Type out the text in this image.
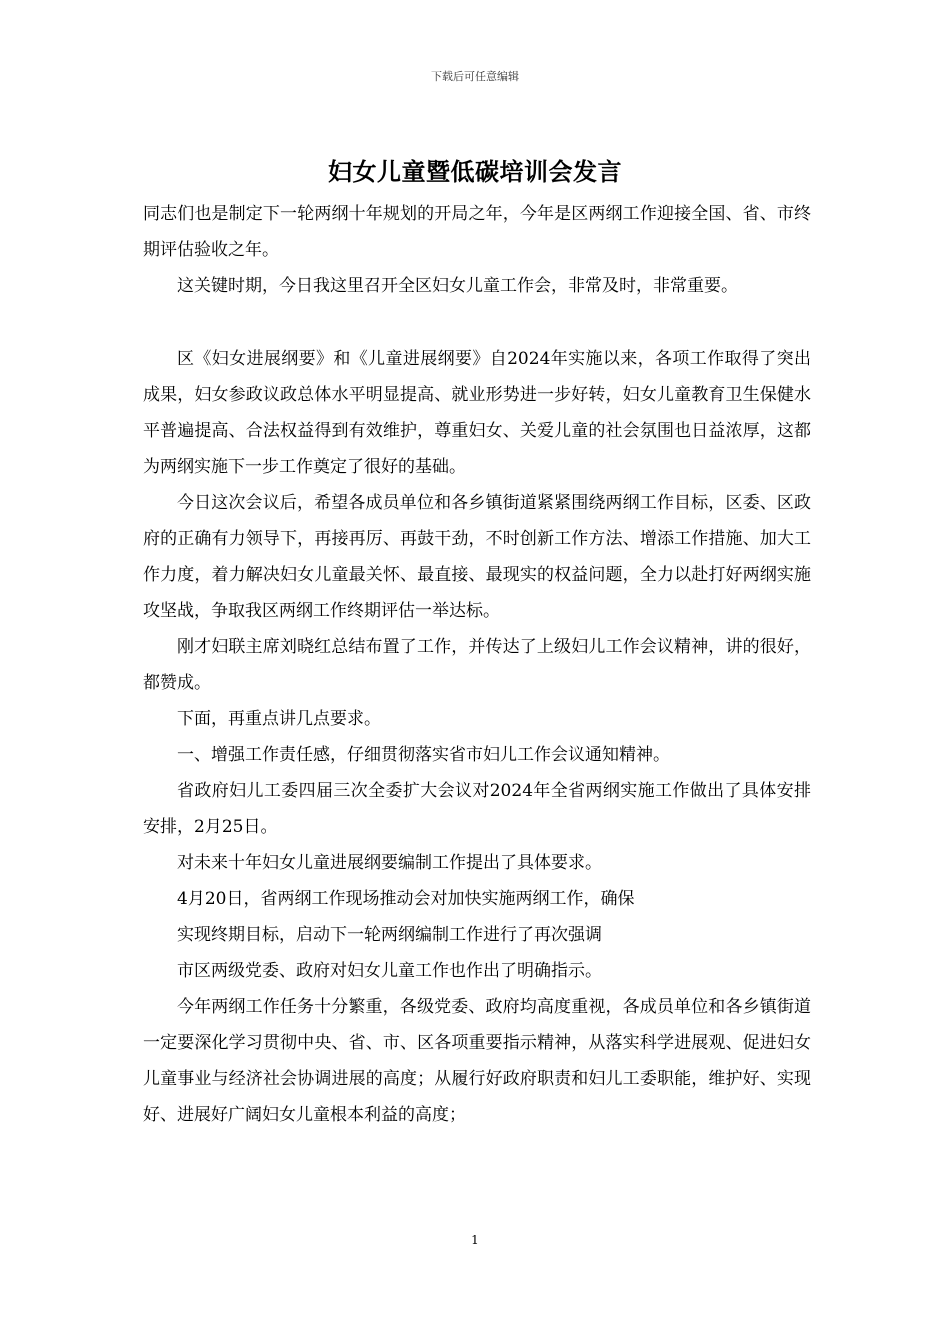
下载后可任意编辑
妇女儿童暨低碳培训会发言

同志们也是制定下一轮两纲十年规划的开局之年，今年是区两纲工作迎接全国、省、市终期评估验收之年。

这关键时期，今日我这里召开全区妇女儿童工作会，非常及时，非常重要。

区《妇女进展纲要》和《儿童进展纲要》自2024年实施以来，各项工作取得了突出成果，妇女参政议政总体水平明显提高、就业形势进一步好转，妇女儿童教育卫生保健水平普遍提高、合法权益得到有效维护，尊重妇女、关爱儿童的社会氛围也日益浓厚，这都为两纲实施下一步工作奠定了很好的基础。

今日这次会议后，希望各成员单位和各乡镇街道紧紧围绕两纲工作目标，区委、区政府的正确有力领导下，再接再厉、再鼓干劲，不时创新工作方法、增添工作措施、加大工作力度，着力解决妇女儿童最关怀、最直接、最现实的权益问题，全力以赴打好两纲实施攻坚战，争取我区两纲工作终期评估一举达标。

刚才妇联主席刘晓红总结布置了工作，并传达了上级妇儿工作会议精神，讲的很好，都赞成。

下面，再重点讲几点要求。

一、增强工作责任感，仔细贯彻落实省市妇儿工作会议通知精神。

省政府妇儿工委四届三次全委扩大会议对2024年全省两纲实施工作做出了具体安排安排，2月25日。

对未来十年妇女儿童进展纲要编制工作提出了具体要求。

4月20日，省两纲工作现场推动会对加快实施两纲工作，确保

实现终期目标，启动下一轮两纲编制工作进行了再次强调

市区两级党委、政府对妇女儿童工作也作出了明确指示。

今年两纲工作任务十分繁重，各级党委、政府均高度重视，各成员单位和各乡镇街道一定要深化学习贯彻中央、省、市、区各项重要指示精神，从落实科学进展观、促进妇女儿童事业与经济社会协调进展的高度；从履行好政府职责和妇儿工委职能，维护好、实现好、进展好广阔妇女儿童根本利益的高度；

1
